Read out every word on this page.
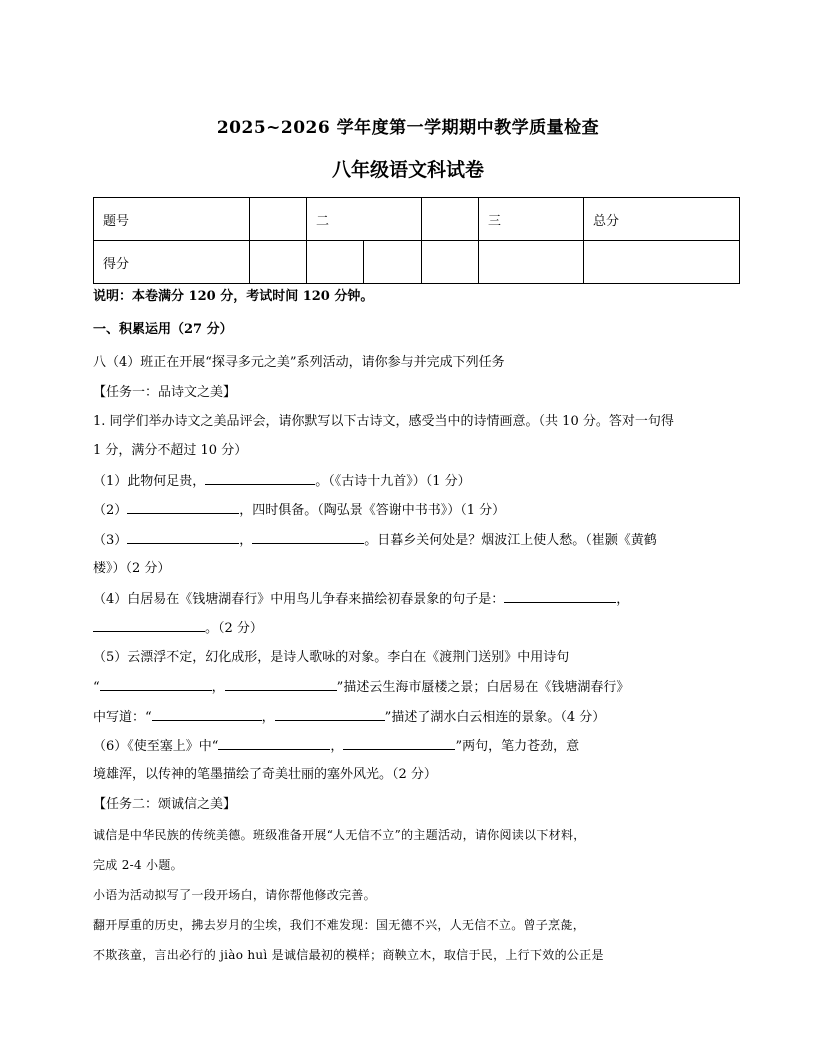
2025~2026 学年度第一学期期中教学质量检查
八年级语文科试卷
题号		二			三	总分
得分						
说明：本卷满分 120 分，考试时间 120 分钟。
一、积累运用（27 分）
八（4）班正在开展“探寻多元之美”系列活动，请你参与并完成下列任务
【任务一：品诗文之美】
1. 同学们举办诗文之美品评会，请你默写以下古诗文，感受当中的诗情画意。（共 10 分。答对一句得
1 分，满分不超过 10 分）
（1）此物何足贵，	。（《古诗十九首》）（1 分）
（2）	，四时俱备。（陶弘景《答谢中书书》）（1 分）
（3）	，	。日暮乡关何处是？烟波江上使人愁。（崔颢《黄鹤
楼》）（2 分）
（4）白居易在《钱塘湖春行》中用鸟儿争春来描绘初春景象的句子是：	，
。（2 分）
（5）云漂浮不定，幻化成形，是诗人歌咏的对象。李白在《渡荆门送别》中用诗句
“	，	”描述云生海市蜃楼之景；白居易在《钱塘湖春行》
中写道：“	，	”描述了湖水白云相连的景象。（4 分）
（6）《使至塞上》中“	，	”两句，笔力苍劲，意
境雄浑，以传神的笔墨描绘了奇美壮丽的塞外风光。（2 分）
【任务二：颂诚信之美】
诚信是中华民族的传统美德。班级准备开展“人无信不立”的主题活动，请你阅读以下材料，
完成 2-4 小题。
小语为活动拟写了一段开场白，请你帮他修改完善。
翻开厚重的历史，拂去岁月的尘埃，我们不难发现：国无德不兴，人无信不立。曾子烹彘，
不欺孩童，言出必行的 jiào huì 是诚信最初的模样；商鞅立木，取信于民，上行下效的公正是
